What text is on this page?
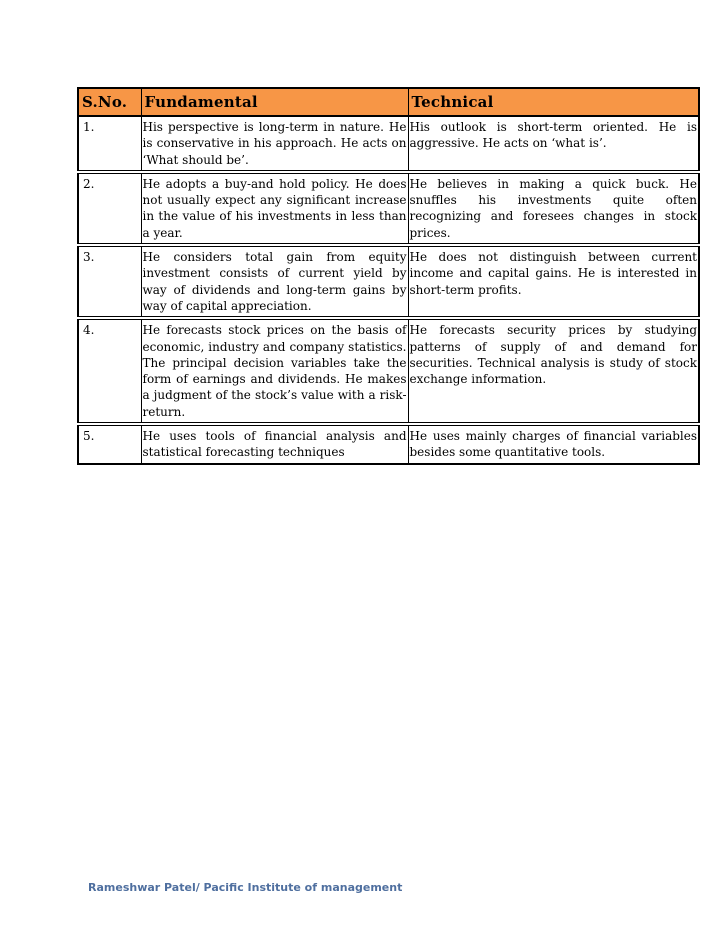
S.No.	Fundamental	Technical
1.	His perspective is long-term in nature. He is conservative in his approach. He acts on ‘What should be’.	His outlook is short-term oriented. He is aggressive. He acts on ‘what is’.
2.	He adopts a buy-and hold policy. He does not usually expect any significant increase in the value of his investments in less than a year.	He believes in making a quick buck. He snuffles his investments quite often recognizing and foresees changes in stock prices.
3.	He considers total gain from equity investment consists of current yield by way of dividends and long-term gains by way of capital appreciation.	He does not distinguish between current income and capital gains. He is interested in short-term profits.
4.	He forecasts stock prices on the basis of economic, industry and company statistics. The principal decision variables take the form of earnings and dividends. He makes a judgment of the stock’s value with a risk-return.	He forecasts security prices by studying patterns of supply of and demand for securities. Technical analysis is study of stock exchange information.
5.	He uses tools of financial analysis and statistical forecasting techniques	He uses mainly charges of financial variables besides some quantitative tools.
Rameshwar Patel/ Pacific Institute of management
